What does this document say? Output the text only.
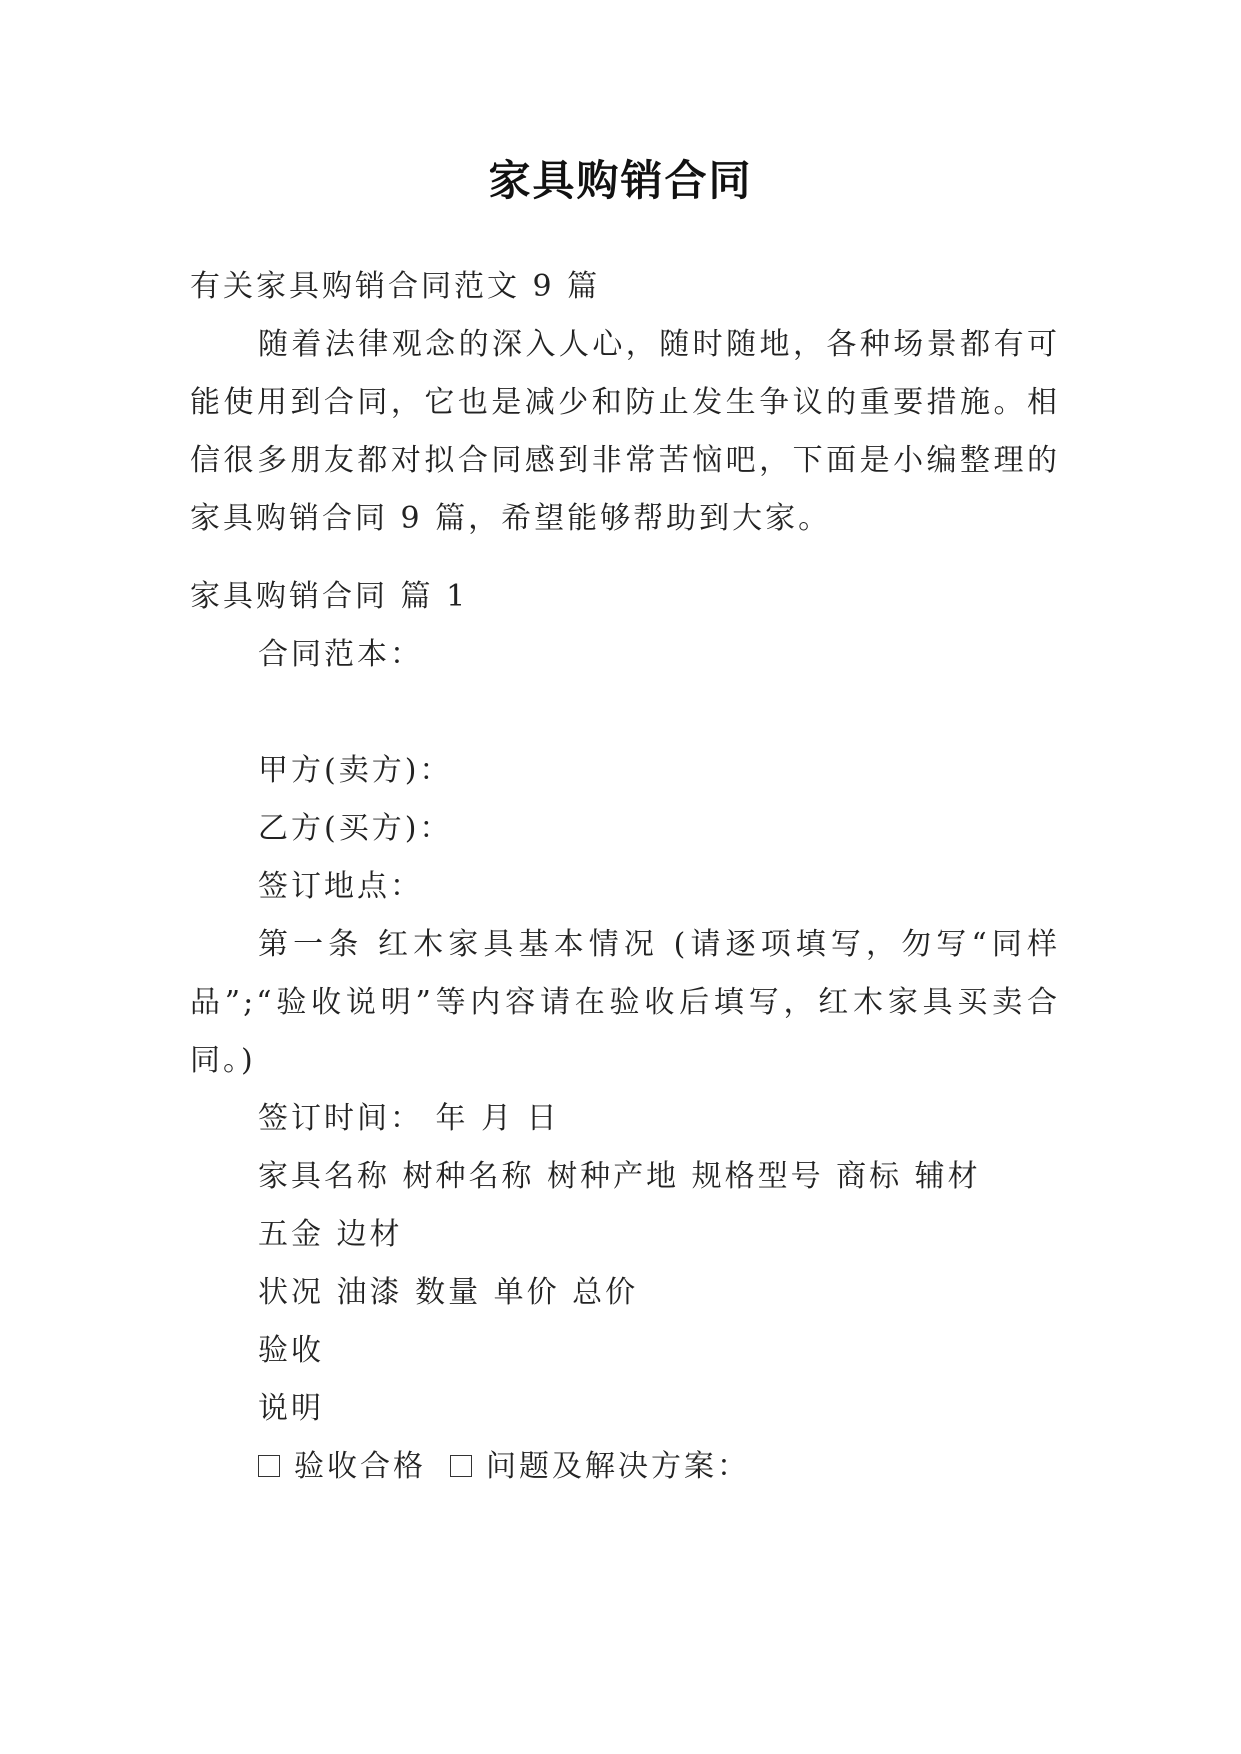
家具购销合同
有关家具购销合同范文 9 篇
随着法律观念的深入人心，随时随地，各种场景都有可能使用到合同，它也是减少和防止发生争议的重要措施。相信很多朋友都对拟合同感到非常苦恼吧，下面是小编整理的家具购销合同 9 篇，希望能够帮助到大家。
家具购销合同 篇 1
合同范本：
甲方(卖方)：
乙方(买方)：
签订地点：
第一条 红木家具基本情况 (请逐项填写，勿写“同样品”;“验收说明”等内容请在验收后填写，红木家具买卖合同。)
签订时间： 年 月 日
家具名称 树种名称 树种产地 规格型号 商标 辅材
五金 边材
状况 油漆 数量 单价 总价
验收
说明
验收合格 问题及解决方案：
